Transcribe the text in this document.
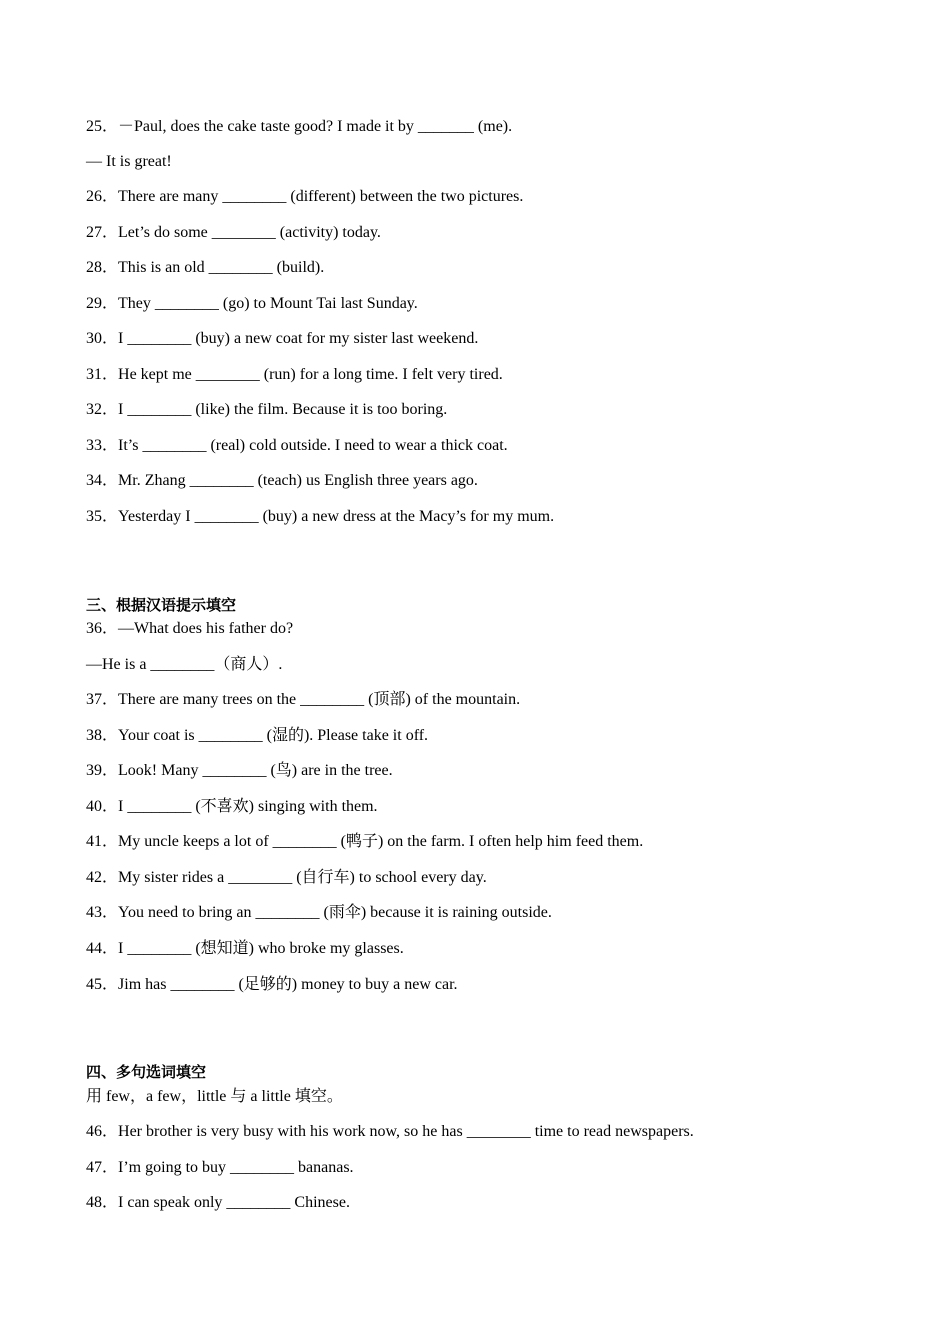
25．－Paul, does the cake taste good? I made it by _______ (me).
— It is great!
26．There are many ________ (different) between the two pictures.
27．Let’s do some ________ (activity) today.
28．This is an old ________ (build).
29．They ________ (go) to Mount Tai last Sunday.
30．I ________ (buy) a new coat for my sister last weekend.
31．He kept me ________ (run) for a long time. I felt very tired.
32．I ________ (like) the film. Because it is too boring.
33．It’s ________ (real) cold outside. I need to wear a thick coat.
34．Mr. Zhang ________ (teach) us English three years ago.
35．Yesterday I ________ (buy) a new dress at the Macy’s for my mum.
三、根据汉语提示填空
36．—What does his father do?
—He is a ________（商人）.
37．There are many trees on the ________ (顶部) of the mountain.
38．Your coat is ________ (湿的). Please take it off.
39．Look! Many ________ (鸟) are in the tree.
40．I ________ (不喜欢) singing with them.
41．My uncle keeps a lot of ________ (鸭子) on the farm. I often help him feed them.
42．My sister rides a ________ (自行车) to school every day.
43．You need to bring an ________ (雨伞) because it is raining outside.
44．I ________ (想知道) who broke my glasses.
45．Jim has ________ (足够的) money to buy a new car.
四、多句选词填空
用 few，a few，little 与 a little 填空。
46．Her brother is very busy with his work now, so he has ________ time to read newspapers.
47．I’m going to buy ________ bananas.
48．I can speak only ________ Chinese.
